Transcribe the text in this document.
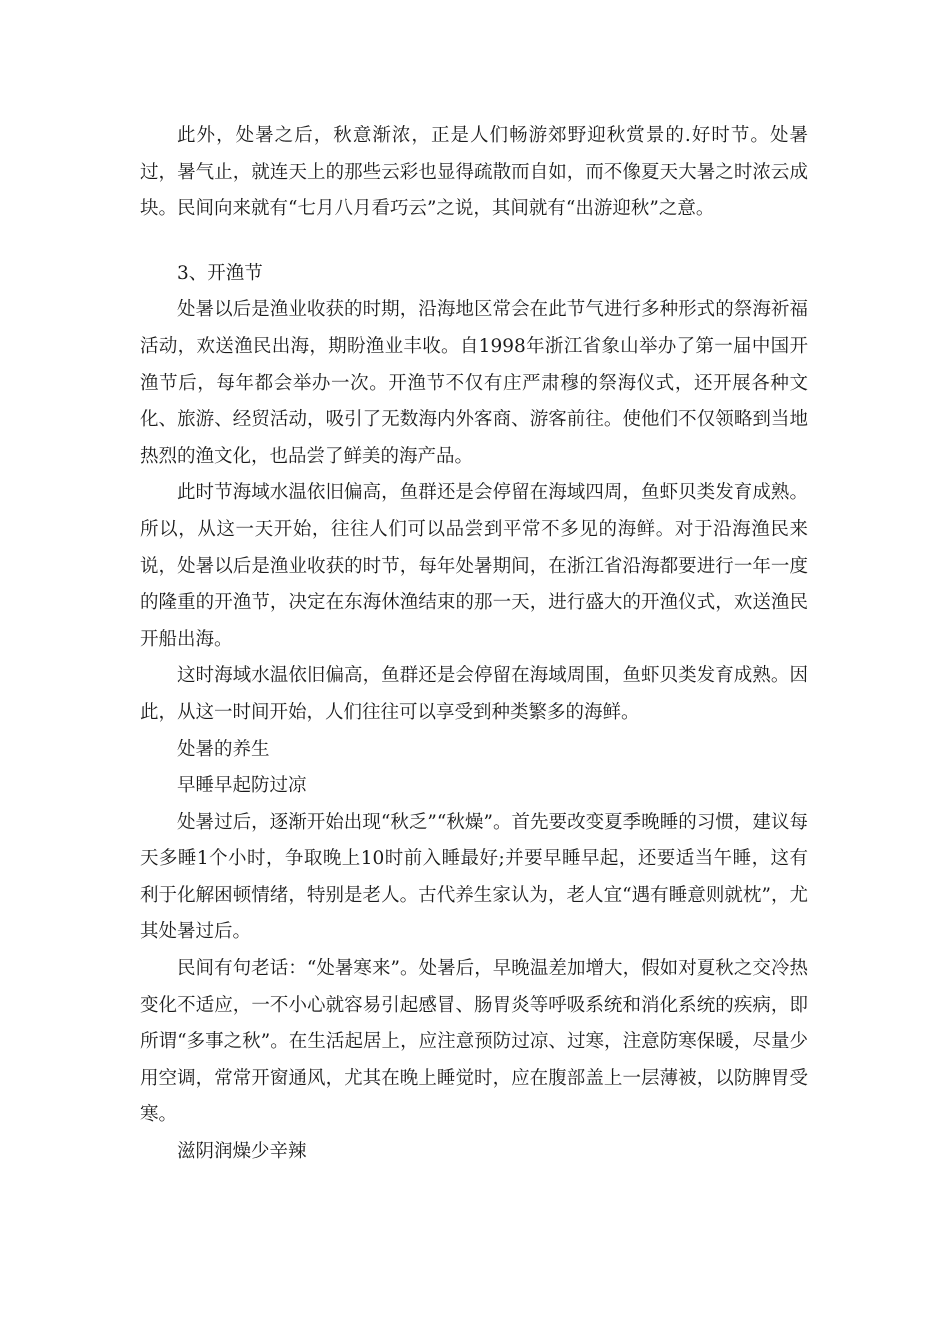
此外，处暑之后，秋意渐浓，正是人们畅游郊野迎秋赏景的.好时节。处暑过，暑气止，就连天上的那些云彩也显得疏散而自如，而不像夏天大暑之时浓云成块。民间向来就有“七月八月看巧云”之说，其间就有“出游迎秋”之意。

3、开渔节

处暑以后是渔业收获的时期，沿海地区常会在此节气进行多种形式的祭海祈福活动，欢送渔民出海，期盼渔业丰收。自1998年浙江省象山举办了第一届中国开渔节后，每年都会举办一次。开渔节不仅有庄严肃穆的祭海仪式，还开展各种文化、旅游、经贸活动，吸引了无数海内外客商、游客前往。使他们不仅领略到当地热烈的渔文化，也品尝了鲜美的海产品。

此时节海域水温依旧偏高，鱼群还是会停留在海域四周，鱼虾贝类发育成熟。所以，从这一天开始，往往人们可以品尝到平常不多见的海鲜。对于沿海渔民来说，处暑以后是渔业收获的时节，每年处暑期间，在浙江省沿海都要进行一年一度的隆重的开渔节，决定在东海休渔结束的那一天，进行盛大的开渔仪式，欢送渔民开船出海。

这时海域水温依旧偏高，鱼群还是会停留在海域周围，鱼虾贝类发育成熟。因此，从这一时间开始，人们往往可以享受到种类繁多的海鲜。

处暑的养生

早睡早起防过凉

处暑过后，逐渐开始出现“秋乏”“秋燥”。首先要改变夏季晚睡的习惯，建议每天多睡1个小时，争取晚上10时前入睡最好;并要早睡早起，还要适当午睡，这有利于化解困顿情绪，特别是老人。古代养生家认为，老人宜“遇有睡意则就枕”，尤其处暑过后。

民间有句老话：“处暑寒来”。处暑后，早晚温差加增大，假如对夏秋之交冷热变化不适应，一不小心就容易引起感冒、肠胃炎等呼吸系统和消化系统的疾病，即所谓“多事之秋”。在生活起居上，应注意预防过凉、过寒，注意防寒保暖，尽量少用空调，常常开窗通风，尤其在晚上睡觉时，应在腹部盖上一层薄被，以防脾胃受寒。

滋阴润燥少辛辣
